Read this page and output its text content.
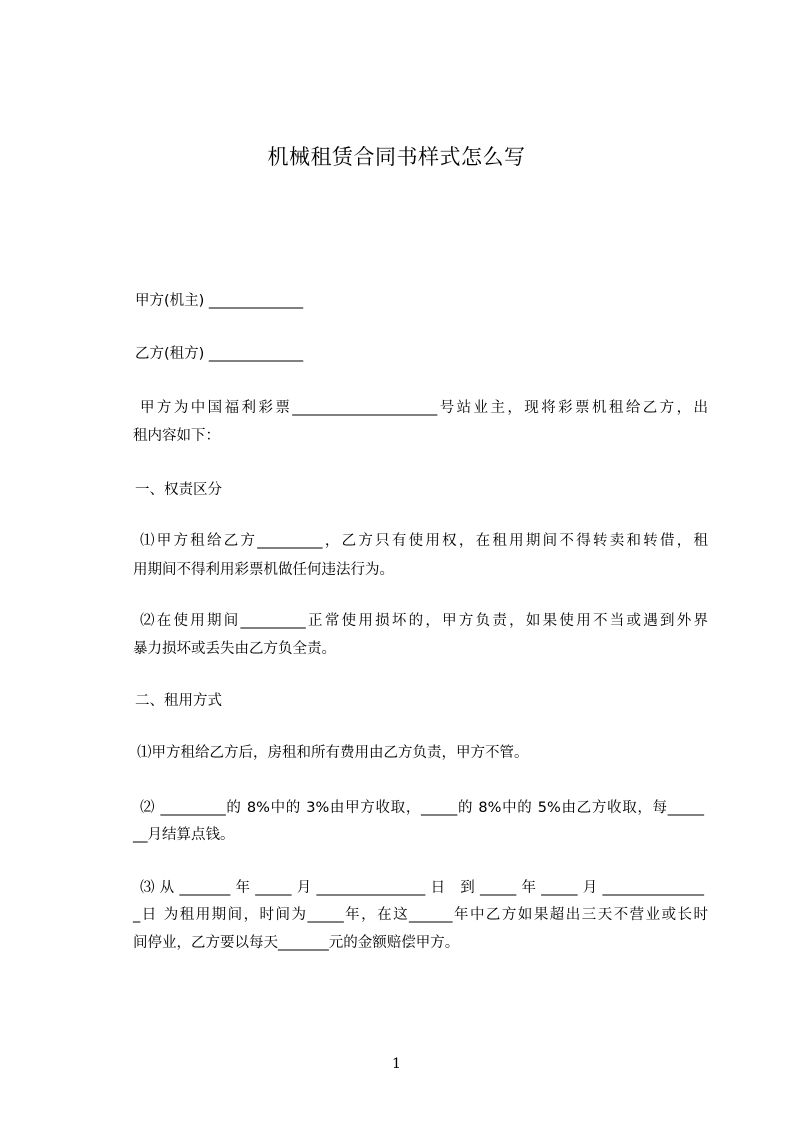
机械租赁合同书样式怎么写
甲方(机主) _____________
乙方(租方) _____________
甲方为中国福利彩票____________________号站业主，现将彩票机租给乙方，出
租内容如下：
一、权责区分
⑴甲方租给乙方_________，乙方只有使用权，在租用期间不得转卖和转借，租
用期间不得利用彩票机做任何违法行为。
⑵在使用期间_________正常使用损坏的，甲方负责，如果使用不当或遇到外界
暴力损坏或丢失由乙方负全责。
二、租用方式
⑴甲方租给乙方后，房租和所有费用由乙方负责，甲方不管。
⑵ _________的 8%中的 3%由甲方收取，_____的 8%中的 5%由乙方收取，每_____
__月结算点钱。
⑶从_______年_____月_______________日 到_____年_____月______________
_日 为租用期间，时间为_____年，在这______年中乙方如果超出三天不营业或长时
间停业，乙方要以每天_______元的金额赔偿甲方。
1
